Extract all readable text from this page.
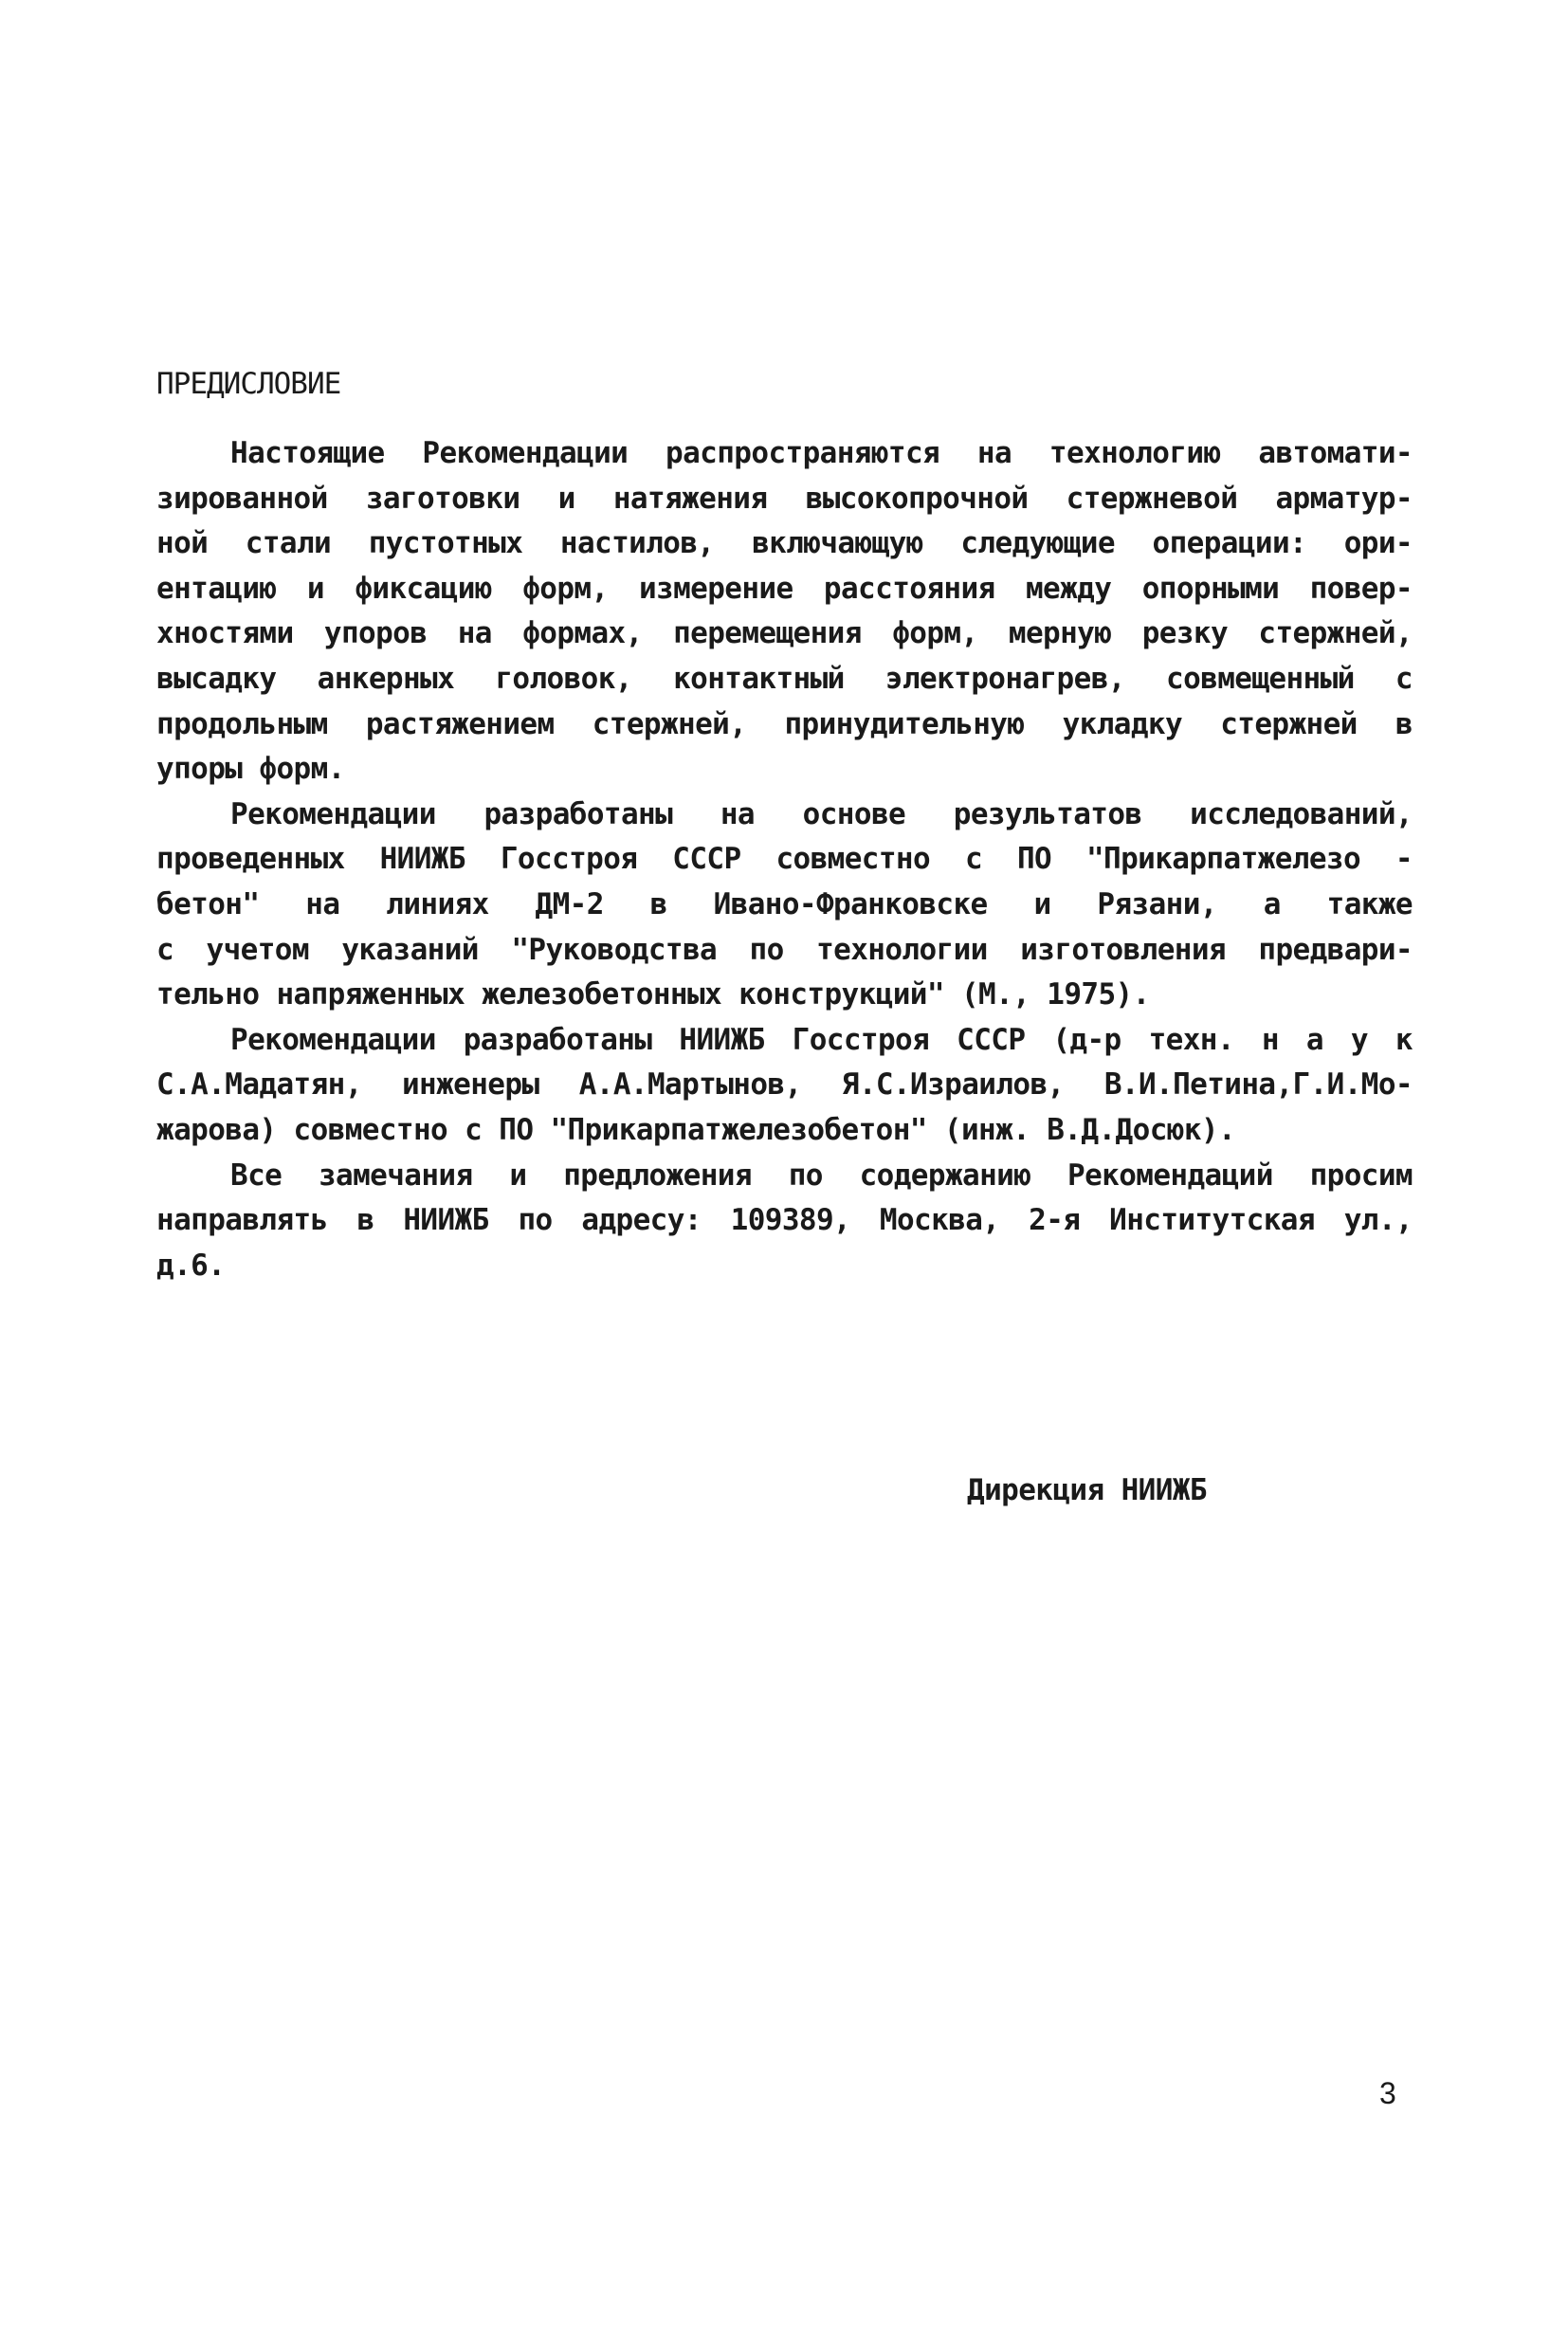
ПРЕДИСЛОВИЕ
Настоящие Рекомендации распространяются на технологию автомати-
зированной заготовки и натяжения высокопрочной стержневой арматур-
ной стали пустотных настилов, включающую следующие операции: ори-
ентацию и фиксацию форм, измерение расстояния между опорными повер-
хностями упоров на формах, перемещения форм, мерную резку стержней,
высадку анкерных головок, контактный электронагрев, совмещенный с
продольным растяжением стержней, принудительную укладку стержней в
упоры форм.
Рекомендации разработаны на основе результатов исследований,
проведенных НИИЖБ Госстроя СССР совместно с ПО "Прикарпатжелезо -
бетон" на линиях ДМ-2 в Ивано-Франковске и Рязани, а также
с учетом указаний "Руководства по технологии изготовления предвари-
тельно напряженных железобетонных конструкций" (М., 1975).
Рекомендации разработаны НИИЖБ Госстроя СССР (д-р техн. н а у к
С.А.Мадатян, инженеры А.А.Мартынов, Я.С.Израилов, В.И.Петина,Г.И.Мо-
жарова) совместно с ПО "Прикарпатжелезобетон" (инж. В.Д.Досюк).
Все замечания и предложения по содержанию Рекомендаций просим
направлять в НИИЖБ по адресу: 109389, Москва, 2-я Институтская ул.,
д.6.
Дирекция НИИЖБ
3
